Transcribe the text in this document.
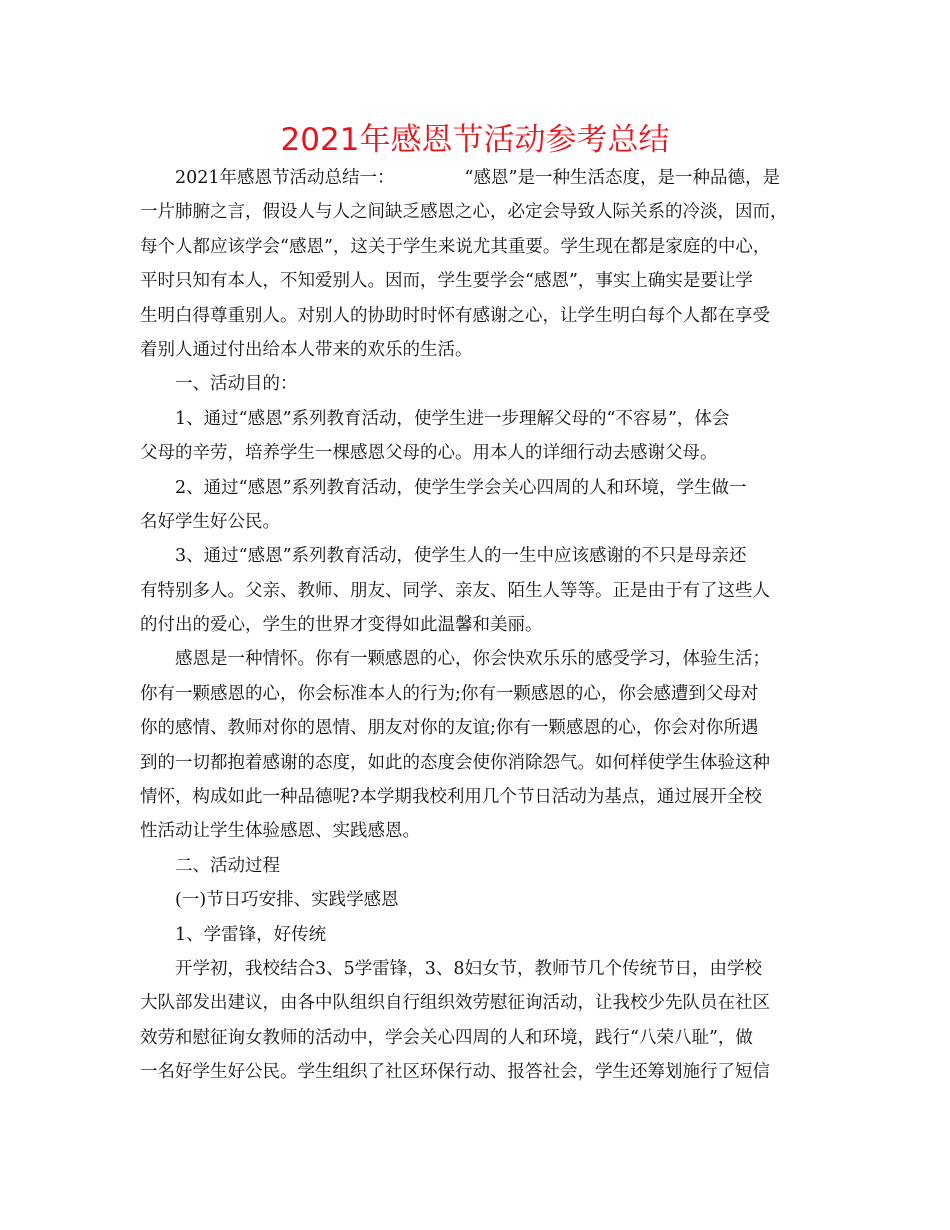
2021年感恩节活动参考总结
2021年感恩节活动总结一：	“感恩”是一种生活态度，是一种品德，是
一片肺腑之言，假设人与人之间缺乏感恩之心，必定会导致人际关系的冷淡，因而，
每个人都应该学会“感恩”，这关于学生来说尤其重要。学生现在都是家庭的中心，
平时只知有本人，不知爱别人。因而，学生要学会“感恩”，事实上确实是要让学
生明白得尊重别人。对别人的协助时时怀有感谢之心，让学生明白每个人都在享受
着别人通过付出给本人带来的欢乐的生活。
一、活动目的：
1、通过“感恩”系列教育活动，使学生进一步理解父母的“不容易”，体会
父母的辛劳，培养学生一棵感恩父母的心。用本人的详细行动去感谢父母。
2、通过“感恩”系列教育活动，使学生学会关心四周的人和环境，学生做一
名好学生好公民。
3、通过“感恩”系列教育活动，使学生人的一生中应该感谢的不只是母亲还
有特别多人。父亲、教师、朋友、同学、亲友、陌生人等等。正是由于有了这些人
的付出的爱心，学生的世界才变得如此温馨和美丽。
感恩是一种情怀。你有一颗感恩的心，你会快欢乐乐的感受学习，体验生活；
你有一颗感恩的心，你会标准本人的行为;你有一颗感恩的心，你会感遭到父母对
你的感情、教师对你的恩情、朋友对你的友谊;你有一颗感恩的心，你会对你所遇
到的一切都抱着感谢的态度，如此的态度会使你消除怨气。如何样使学生体验这种
情怀，构成如此一种品德呢?本学期我校利用几个节日活动为基点，通过展开全校
性活动让学生体验感恩、实践感恩。
二、活动过程
(一)节日巧安排、实践学感恩
1、学雷锋，好传统
开学初，我校结合3、5学雷锋，3、8妇女节，教师节几个传统节日，由学校
大队部发出建议，由各中队组织自行组织效劳慰征询活动，让我校少先队员在社区
效劳和慰征询女教师的活动中，学会关心四周的人和环境，践行“八荣八耻”，做
一名好学生好公民。学生组织了社区环保行动、报答社会，学生还筹划施行了短信
